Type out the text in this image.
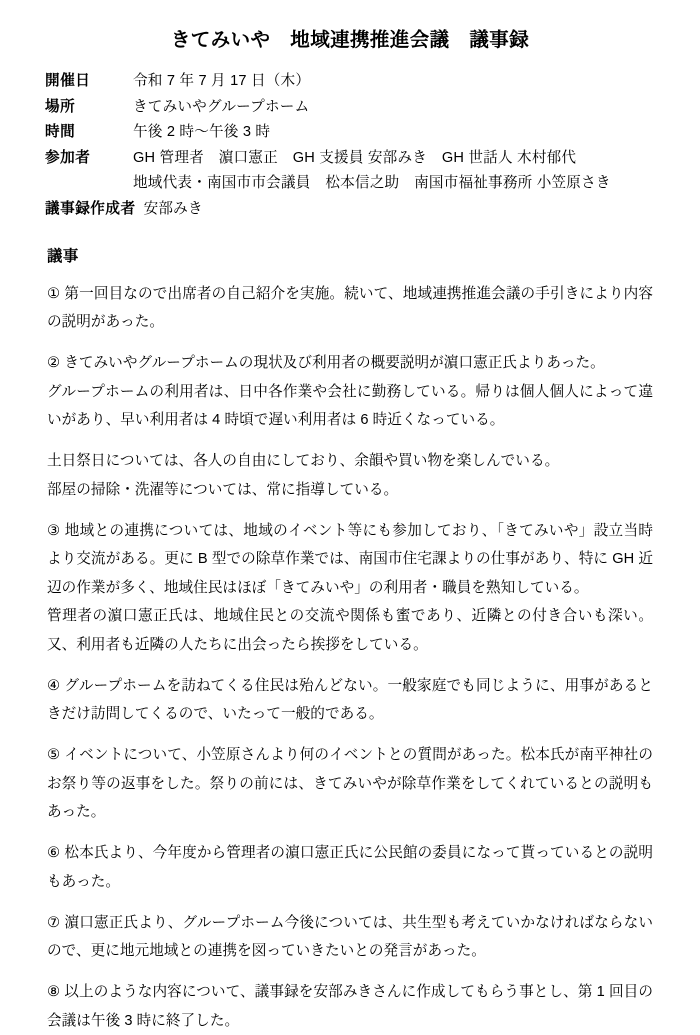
きてみいや　地域連携推進会議　議事録
開催日	令和 7 年 7 月 17 日（木）
場所	きてみいやグループホーム
時間	午後 2 時〜午後 3 時
参加者	GH 管理者　濵口憲正　GH 支援員 安部みき　GH 世話人 木村郁代
地域代表・南国市市会議員　松本信之助　南国市福祉事務所 小笠原さき
議事録作成者 安部みき
議事

① 第一回目なので出席者の自己紹介を実施。続いて、地域連携推進会議の手引きにより内容の説明があった。

② きてみいやグループホームの現状及び利用者の概要説明が濵口憲正氏よりあった。

グループホームの利用者は、日中各作業や会社に勤務している。帰りは個人個人によって違いがあり、早い利用者は 4 時頃で遅い利用者は 6 時近くなっている。

土日祭日については、各人の自由にしており、余韻や買い物を楽しんでいる。

部屋の掃除・洗濯等については、常に指導している。

③ 地域との連携については、地域のイベント等にも参加しており、「きてみいや」設立当時より交流がある。更に B 型での除草作業では、南国市住宅課よりの仕事があり、特に GH 近辺の作業が多く、地域住民はほぼ「きてみいや」の利用者・職員を熟知している。

管理者の濵口憲正氏は、地域住民との交流や関係も蜜であり、近隣との付き合いも深い。又、利用者も近隣の人たちに出会ったら挨拶をしている。

④ グループホームを訪ねてくる住民は殆んどない。一般家庭でも同じように、用事があるときだけ訪問してくるので、いたって一般的である。

⑤ イベントについて、小笠原さんより何のイベントとの質問があった。松本氏が南平神社のお祭り等の返事をした。祭りの前には、きてみいやが除草作業をしてくれているとの説明もあった。

⑥ 松本氏より、今年度から管理者の濵口憲正氏に公民館の委員になって貰っているとの説明もあった。

⑦ 濵口憲正氏より、グループホーム今後については、共生型も考えていかなければならないので、更に地元地域との連携を図っていきたいとの発言があった。

⑧ 以上のような内容について、議事録を安部みきさんに作成してもらう事とし、第 1 回目の会議は午後 3 時に終了した。
